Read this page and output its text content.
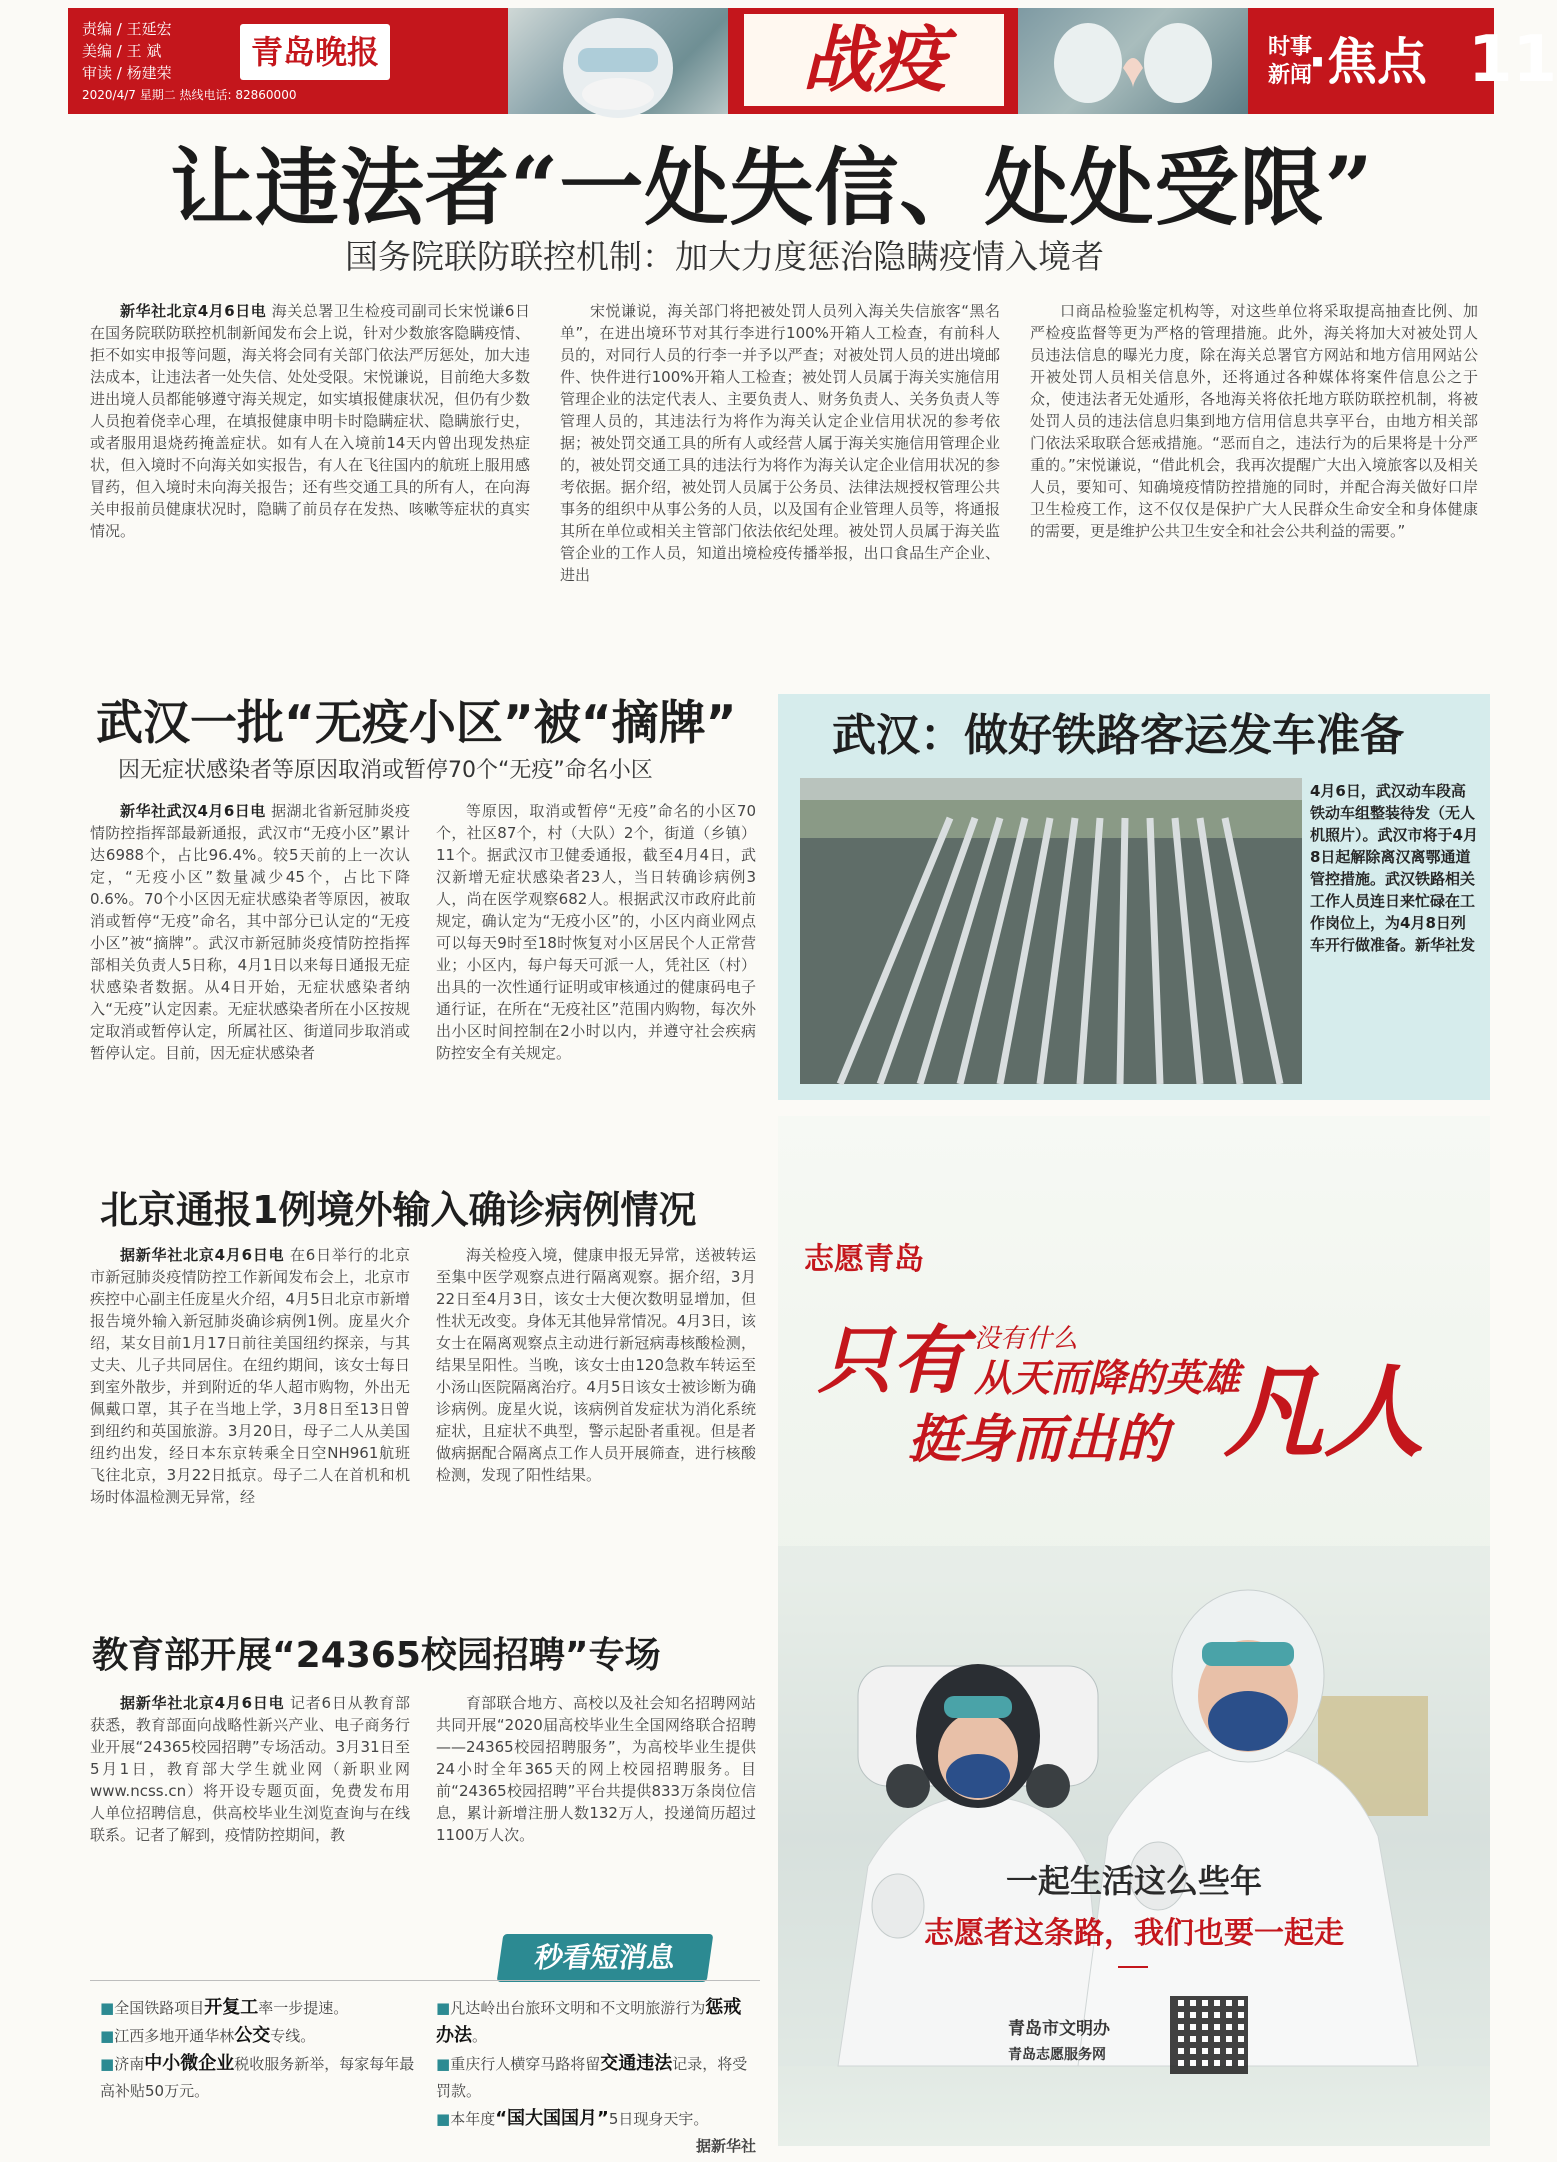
责编 / 王延宏
美编 / 王 斌
审读 / 杨建荣
2020/4/7 星期二 热线电话: 82860000
青岛晚报	战疫	时事
新闻
·焦点 11
让违法者“一处失信、处处受限”
国务院联防联控机制：加大力度惩治隐瞒疫情入境者

新华社北京4月6日电 海关总署卫生检疫司副司长宋悦谦6日在国务院联防联控机制新闻发布会上说，针对少数旅客隐瞒疫情、拒不如实申报等问题，海关将会同有关部门依法严厉惩处，加大违法成本，让违法者一处失信、处处受限。宋悦谦说，目前绝大多数进出境人员都能够遵守海关规定，如实填报健康状况，但仍有少数人员抱着侥幸心理，在填报健康申明卡时隐瞒症状、隐瞒旅行史，或者服用退烧药掩盖症状。如有人在入境前14天内曾出现发热症状，但入境时不向海关如实报告，有人在飞往国内的航班上服用感冒药，但入境时未向海关报告；还有些交通工具的所有人，在向海关申报前员健康状况时，隐瞒了前员存在发热、咳嗽等症状的真实情况。

宋悦谦说，海关部门将把被处罚人员列入海关失信旅客“黑名单”，在进出境环节对其行李进行100%开箱人工检查，有前科人员的，对同行人员的行李一并予以严查；对被处罚人员的进出境邮件、快件进行100%开箱人工检查；被处罚人员属于海关实施信用管理企业的法定代表人、主要负责人、财务负责人、关务负责人等管理人员的，其违法行为将作为海关认定企业信用状况的参考依据；被处罚交通工具的所有人或经营人属于海关实施信用管理企业的，被处罚交通工具的违法行为将作为海关认定企业信用状况的参考依据。据介绍，被处罚人员属于公务员、法律法规授权管理公共事务的组织中从事公务的人员，以及国有企业管理人员等，将通报其所在单位或相关主管部门依法依纪处理。被处罚人员属于海关监管企业的工作人员，知道出境检疫传播举报，出口食品生产企业、进出

口商品检验鉴定机构等，对这些单位将采取提高抽查比例、加严检疫监督等更为严格的管理措施。此外，海关将加大对被处罚人员违法信息的曝光力度，除在海关总署官方网站和地方信用网站公开被处罚人员相关信息外，还将通过各种媒体将案件信息公之于众，使违法者无处遁形，各地海关将依托地方联防联控机制，将被处罚人员的违法信息归集到地方信用信息共享平台，由地方相关部门依法采取联合惩戒措施。“恶而自之，违法行为的后果将是十分严重的。”宋悦谦说，“借此机会，我再次提醒广大出入境旅客以及相关人员，要知可、知确境疫情防控措施的同时，并配合海关做好口岸卫生检疫工作，这不仅仅是保护广大人民群众生命安全和身体健康的需要，更是维护公共卫生安全和社会公共利益的需要。”

武汉一批“无疫小区”被“摘牌”
因无症状感染者等原因取消或暂停70个“无疫”命名小区

新华社武汉4月6日电 据湖北省新冠肺炎疫情防控指挥部最新通报，武汉市“无疫小区”累计达6988个，占比96.4%。较5天前的上一次认定，“无疫小区”数量减少45个，占比下降0.6%。70个小区因无症状感染者等原因，被取消或暂停“无疫”命名，其中部分已认定的“无疫小区”被“摘牌”。武汉市新冠肺炎疫情防控指挥部相关负责人5日称，4月1日以来每日通报无症状感染者数据。从4日开始，无症状感染者纳入“无疫”认定因素。无症状感染者所在小区按规定取消或暂停认定，所属社区、街道同步取消或暂停认定。目前，因无症状感染者

等原因，取消或暂停“无疫”命名的小区70个，社区87个，村（大队）2个，街道（乡镇）11个。据武汉市卫健委通报，截至4月4日，武汉新增无症状感染者23人，当日转确诊病例3人，尚在医学观察682人。根据武汉市政府此前规定，确认定为“无疫小区”的，小区内商业网点可以每天9时至18时恢复对小区居民个人正常营业；小区内，每户每天可派一人，凭社区（村）出具的一次性通行证明或审核通过的健康码电子通行证，在所在“无疫社区”范围内购物，每次外出小区时间控制在2小时以内，并遵守社会疾病防控安全有关规定。

武汉：做好铁路客运发车准备
4月6日，武汉动车段高铁动车组整装待发（无人机照片）。武汉市将于4月8日起解除离汉离鄂通道管控措施。武汉铁路相关工作人员连日来忙碌在工作岗位上，为4月8日列车开行做准备。新华社发
北京通报1例境外输入确诊病例情况

据新华社北京4月6日电 在6日举行的北京市新冠肺炎疫情防控工作新闻发布会上，北京市疾控中心副主任庞星火介绍，4月5日北京市新增报告境外输入新冠肺炎确诊病例1例。庞星火介绍，某女目前1月17日前往美国纽约探亲，与其丈夫、儿子共同居住。在纽约期间，该女士每日到室外散步，并到附近的华人超市购物，外出无佩戴口罩，其子在当地上学，3月8日至13日曾到纽约和英国旅游。3月20日，母子二人从美国纽约出发，经日本东京转乘全日空NH961航班飞往北京，3月22日抵京。母子二人在首机和机场时体温检测无异常，经

海关检疫入境，健康申报无异常，送被转运至集中医学观察点进行隔离观察。据介绍，3月22日至4月3日，该女士大便次数明显增加，但性状无改变。身体无其他异常情况。4月3日，该女士在隔离观察点主动进行新冠病毒核酸检测，结果呈阳性。当晚，该女士由120急救车转运至小汤山医院隔离治疗。4月5日该女士被诊断为确诊病例。庞星火说，该病例首发症状为消化系统症状，且症状不典型，警示起卧者重视。但是者做病据配合隔离点工作人员开展筛查，进行核酸检测，发现了阳性结果。

教育部开展“24365校园招聘”专场

据新华社北京4月6日电 记者6日从教育部获悉，教育部面向战略性新兴产业、电子商务行业开展“24365校园招聘”专场活动。3月31日至5月1日，教育部大学生就业网（新职业网www.ncss.cn）将开设专题页面，免费发布用人单位招聘信息，供高校毕业生浏览查询与在线联系。记者了解到，疫情防控期间，教

育部联合地方、高校以及社会知名招聘网站共同开展“2020届高校毕业生全国网络联合招聘——24365校园招聘服务”，为高校毕业生提供24小时全年365天的网上校园招聘服务。目前“24365校园招聘”平台共提供833万条岗位信息，累计新增注册人数132万人，投递简历超过1100万人次。

秒看短消息
■全国铁路项目开复工率一步提速。
■江西多地开通华林公交专线。
■济南中小微企业税收服务新举，每家每年最高补贴50万元。
■凡达岭出台旅环文明和不文明旅游行为惩戒办法。
■重庆行人横穿马路将留交通违法记录，将受罚款。
■本年度“国大国国月”5日现身天宇。
据新华社
志愿青岛
只有 没有什么
从天而降的英雄
挺身而出的 凡人
一起生活这么些年
志愿者这条路，我们也要一起走
青岛市文明办
青岛志愿服务网
